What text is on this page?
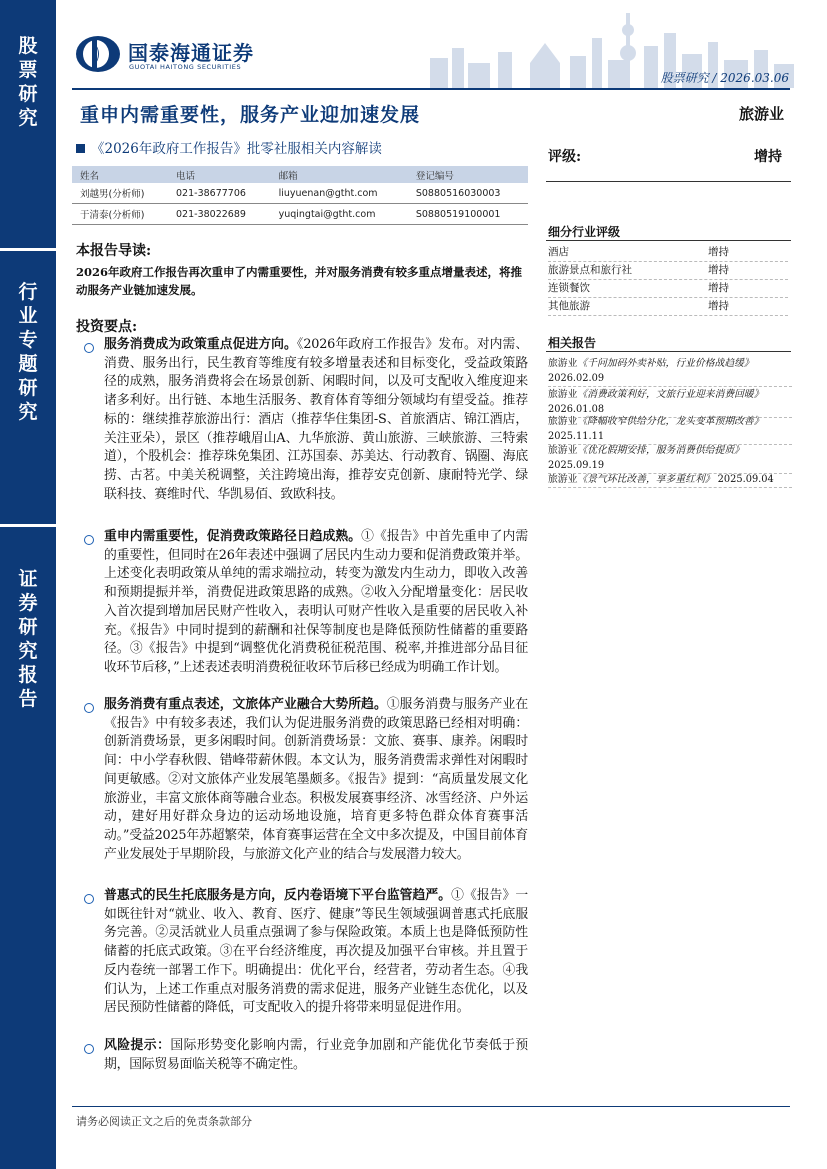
股
票
研
究
行
业
专
题
研
究
证
券
研
究
报
告
国泰海通证券
GUOTAI HAITONG SECURITIES
股票研究 / 2026.03.06
重申内需重要性，服务产业迎加速发展	旅游业
《2026年政府工作报告》批零社服相关内容解读
姓名	电话	邮箱	登记编号
刘越男(分析师)	021-38677706	liuyuenan@gtht.com	S0880516030003
于清泰(分析师)	021-38022689	yuqingtai@gtht.com	S0880519100001
评级:	增持
细分行业评级
酒店	增持
旅游景点和旅行社	增持
连锁餐饮	增持
其他旅游	增持
相关报告
旅游业《千问加码外卖补贴，行业价格战趋缓》
2026.02.09
旅游业《消费政策利好，文旅行业迎来消费回暖》 2026.01.08
旅游业《降幅收窄供给分化，龙头变革预期改善》 2025.11.11
旅游业《优化假期安排，服务消费供给提质》
2025.09.19
旅游业《景气环比改善，享多重红利》 2025.09.04
本报告导读:
2026年政府工作报告再次重申了内需重要性，并对服务消费有较多重点增量表述，将推动服务产业链加速发展。
投资要点:
服务消费成为政策重点促进方向。《2026年政府工作报告》发布。对内需、消费、服务出行，民生教育等维度有较多增量表述和目标变化，受益政策路径的成熟，服务消费将会在场景创新、闲暇时间，以及可支配收入维度迎来诸多利好。出行链、本地生活服务、教育体育等细分领域均有望受益。推荐标的：继续推荐旅游出行：酒店（推荐华住集团-S、首旅酒店、锦江酒店，关注亚朵），景区（推荐峨眉山A、九华旅游、黄山旅游、三峡旅游、三特索道），个股机会：推荐珠免集团、江苏国泰、苏美达、行动教育、锅圈、海底捞、古茗。中美关税调整，关注跨境出海，推荐安克创新、康耐特光学、绿联科技、赛维时代、华凯易佰、致欧科技。
重申内需重要性，促消费政策路径日趋成熟。①《报告》中首先重申了内需的重要性，但同时在26年表述中强调了居民内生动力要和促消费政策并举。上述变化表明政策从单纯的需求端拉动，转变为激发内生动力，即收入改善和预期提振并举，消费促进政策思路的成熟。②收入分配增量变化：居民收入首次提到增加居民财产性收入，表明认可财产性收入是重要的居民收入补充。《报告》中同时提到的薪酬和社保等制度也是降低预防性储蓄的重要路径。③《报告》中提到“调整优化消费税征税范围、税率,并推进部分品目征收环节后移，”上述表述表明消费税征收环节后移已经成为明确工作计划。
服务消费有重点表述，文旅体产业融合大势所趋。①服务消费与服务产业在《报告》中有较多表述，我们认为促进服务消费的政策思路已经相对明确：创新消费场景，更多闲暇时间。创新消费场景：文旅、赛事、康养。闲暇时间：中小学春秋假、错峰带薪休假。本文认为，服务消费需求弹性对闲暇时间更敏感。②对文旅体产业发展笔墨颇多。《报告》提到：“高质量发展文化旅游业，丰富文旅体商等融合业态。积极发展赛事经济、冰雪经济、户外运动，建好用好群众身边的运动场地设施，培育更多特色群众体育赛事活动。”受益2025年苏超繁荣，体育赛事运营在全文中多次提及，中国目前体育产业发展处于早期阶段，与旅游文化产业的结合与发展潜力较大。
普惠式的民生托底服务是方向，反内卷语境下平台监管趋严。①《报告》一如既往针对“就业、收入、教育、医疗、健康”等民生领域强调普惠式托底服务完善。②灵活就业人员重点强调了参与保险政策。本质上也是降低预防性储蓄的托底式政策。③在平台经济维度，再次提及加强平台审核。并且置于反内卷统一部署工作下。明确提出：优化平台，经营者，劳动者生态。④我们认为，上述工作重点对服务消费的需求促进，服务产业链生态优化，以及居民预防性储蓄的降低，可支配收入的提升将带来明显促进作用。
风险提示：国际形势变化影响内需，行业竞争加剧和产能优化节奏低于预期，国际贸易面临关税等不确定性。
请务必阅读正文之后的免责条款部分
